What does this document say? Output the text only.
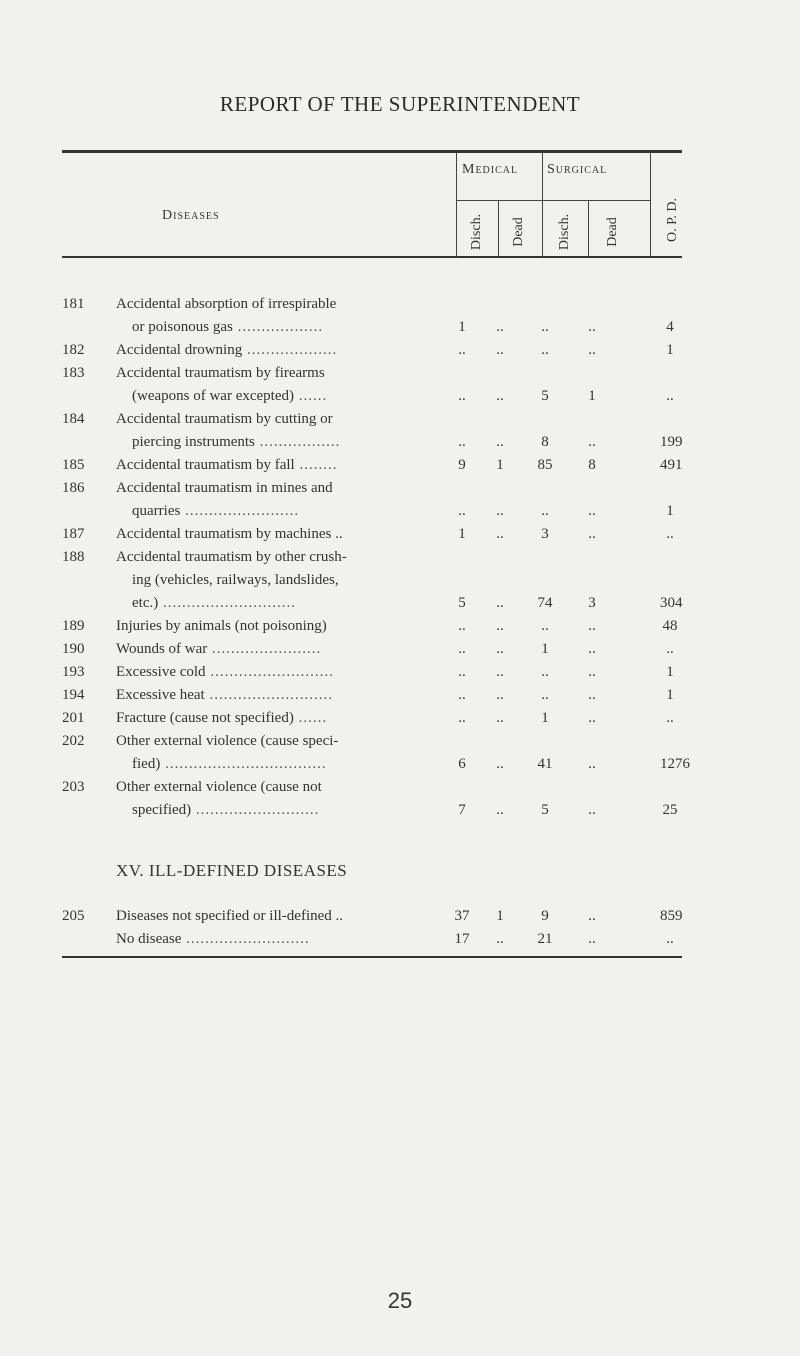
REPORT OF THE SUPERINTENDENT
Diseases
Medical Surgical
Disch. Dead Disch. Dead	O. P. D.
181 Accidental absorption of irrespirable
or poisonous gas ..................	1	..	..	..	4
182 Accidental drowning ...................	..	..	..	..	1
183 Accidental traumatism by firearms
(weapons of war excepted) ......	..	..	5	1	..
184 Accidental traumatism by cutting or
piercing instruments .................	..	..	8	..	199
185 Accidental traumatism by fall ........	9	1	85	8	491
186 Accidental traumatism in mines and
quarries ........................	..	..	..	..	1
187 Accidental traumatism by machines ..	1	..	3	..	..
188 Accidental traumatism by other crush-
ing (vehicles, railways, landslides,
etc.) ............................	5	..	74	3	304
189 Injuries by animals (not poisoning)	..	..	..	..	48
190 Wounds of war .......................	..	..	1	..	..
193 Excessive cold ..........................	..	..	..	..	1
194 Excessive heat ..........................	..	..	..	..	1
201 Fracture (cause not specified) ......	..	..	1	..	..
202 Other external violence (cause speci-
fied) ..................................	6	..	41	..	1276
203 Other external violence (cause not
specified) ..........................	7	..	5	..	25
XV. ILL-DEFINED DISEASES
205 Diseases not specified or ill-defined ..	37	1	9	..	859
No disease ..........................	17	..	21	..	..
25
